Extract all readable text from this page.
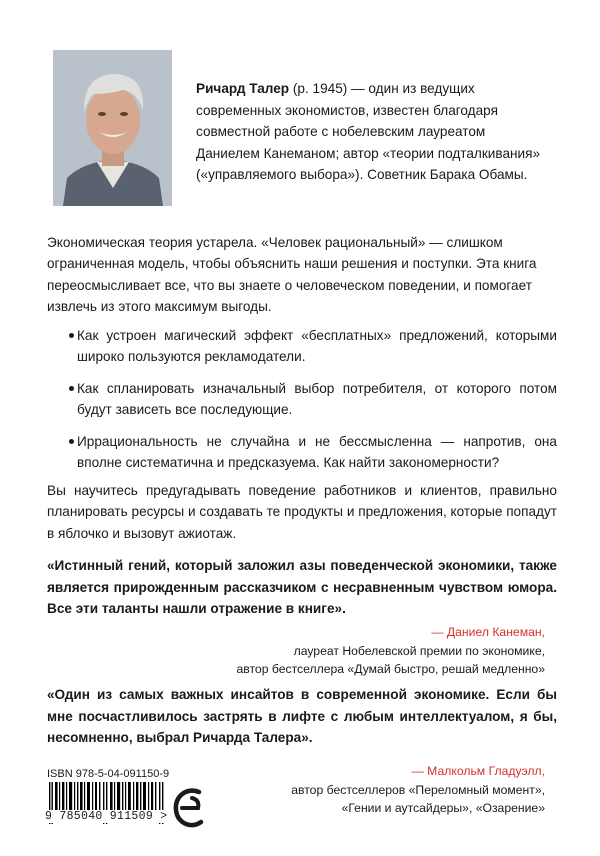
Ричард Талер (р. 1945) — один из ведущих современных экономистов, известен благодаря совместной работе с нобелевским лауреатом Даниелем Канеманом; автор «теории подталкивания» («управляемого выбора»). Советник Барака Обамы.

Экономическая теория устарела. «Человек рациональный» — слишком ограниченная модель, чтобы объяснить наши решения и поступки. Эта книга переосмысливает все, что вы знаете о человеческом поведении, и помогает извлечь из этого максимум выгоды.

Как устроен магический эффект «бесплатных» предложений, которыми широко пользуются рекламодатели.
Как спланировать изначальный выбор потребителя, от которого потом будут зависеть все последующие.
Иррациональность не случайна и не бессмысленна — напротив, она вполне систематична и предсказуема. Как найти закономерности?

Вы научитесь предугадывать поведение работников и клиентов, правильно планировать ресурсы и создавать те продукты и предложения, которые попадут в яблочко и вызовут ажиотаж.

«Истинный гений, который заложил азы поведенческой экономики, также является прирожденным рассказчиком с несравненным чувством юмора. Все эти таланты нашли отражение в книге».

— Даниел Канеман,
лауреат Нобелевской премии по экономике,
автор бестселлера «Думай быстро, решай медленно»

«Один из самых важных инсайтов в современной экономике. Если бы мне посчастливилось застрять в лифте с любым интеллектуалом, я бы, несомненно, выбрал Ричарда Талера».

— Малкольм Гладуэлл,
автор бестселлеров «Переломный момент»,
«Гении и аутсайдеры», «Озарение»
ISBN 978-5-04-091150-9
9 785040 911509 >
